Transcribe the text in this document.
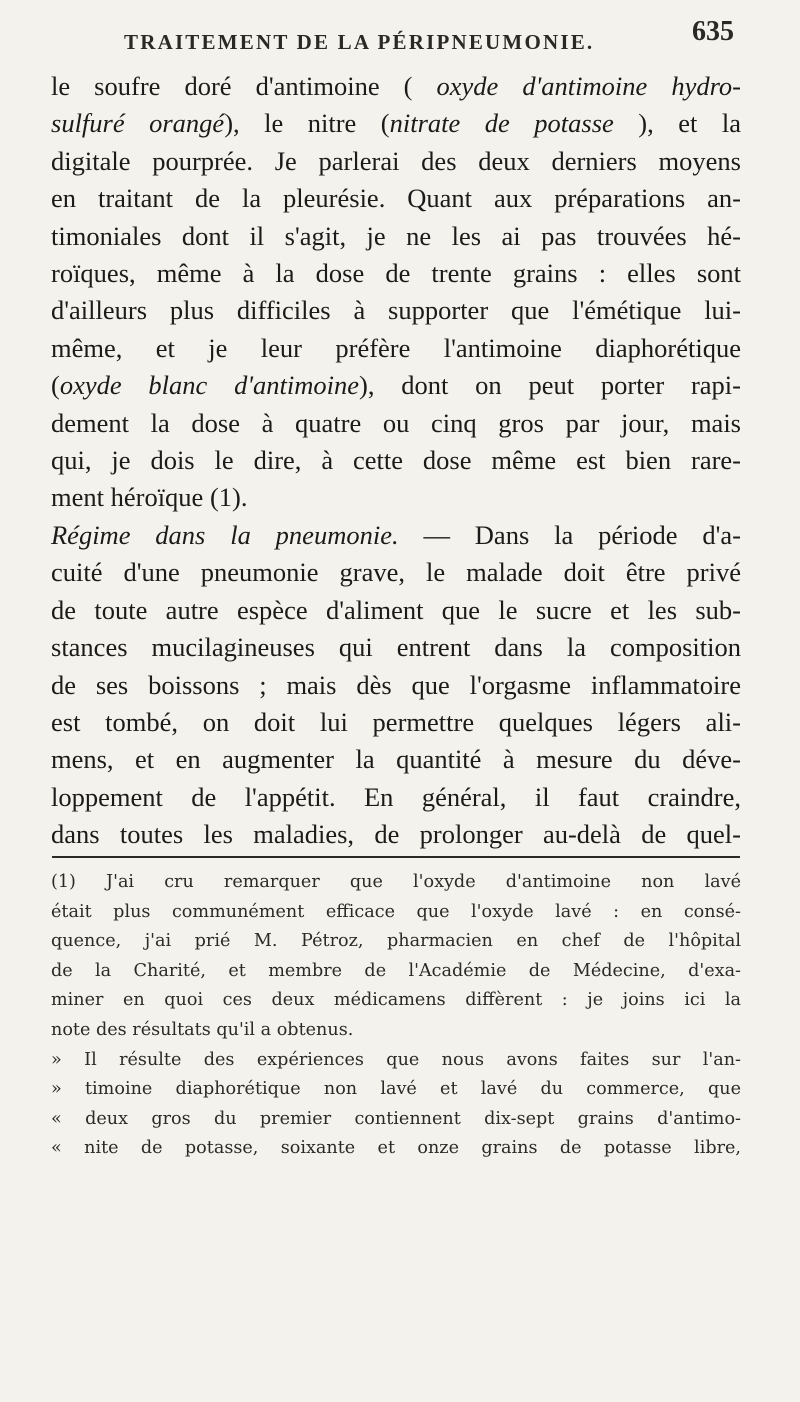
TRAITEMENT DE LA PÉRIPNEUMONIE.	635
le soufre doré d'antimoine ( oxyde d'antimoine hydro-
sulfuré orangé), le nitre (nitrate de potasse ), et la
digitale pourprée. Je parlerai des deux derniers moyens
en traitant de la pleurésie. Quant aux préparations an-
timoniales dont il s'agit, je ne les ai pas trouvées hé-
roïques, même à la dose de trente grains : elles sont
d'ailleurs plus difficiles à supporter que l'émétique lui-
même, et je leur préfère l'antimoine diaphorétique
(oxyde blanc d'antimoine), dont on peut porter rapi-
dement la dose à quatre ou cinq gros par jour, mais
qui, je dois le dire, à cette dose même est bien rare-
ment héroïque (1).
Régime dans la pneumonie. — Dans la période d'a-
cuité d'une pneumonie grave, le malade doit être privé
de toute autre espèce d'aliment que le sucre et les sub-
stances mucilagineuses qui entrent dans la composition
de ses boissons ; mais dès que l'orgasme inflammatoire
est tombé, on doit lui permettre quelques légers ali-
mens, et en augmenter la quantité à mesure du déve-
loppement de l'appétit. En général, il faut craindre,
dans toutes les maladies, de prolonger au-delà de quel-
(1) J'ai cru remarquer que l'oxyde d'antimoine non lavé
était plus communément efficace que l'oxyde lavé : en consé-
quence, j'ai prié M. Pétroz, pharmacien en chef de l'hôpital
de la Charité, et membre de l'Académie de Médecine, d'exa-
miner en quoi ces deux médicamens diffèrent : je joins ici la
note des résultats qu'il a obtenus.
» Il résulte des expériences que nous avons faites sur l'an-
» timoine diaphorétique non lavé et lavé du commerce, que
« deux gros du premier contiennent dix-sept grains d'antimo-
« nite de potasse, soixante et onze grains de potasse libre,
